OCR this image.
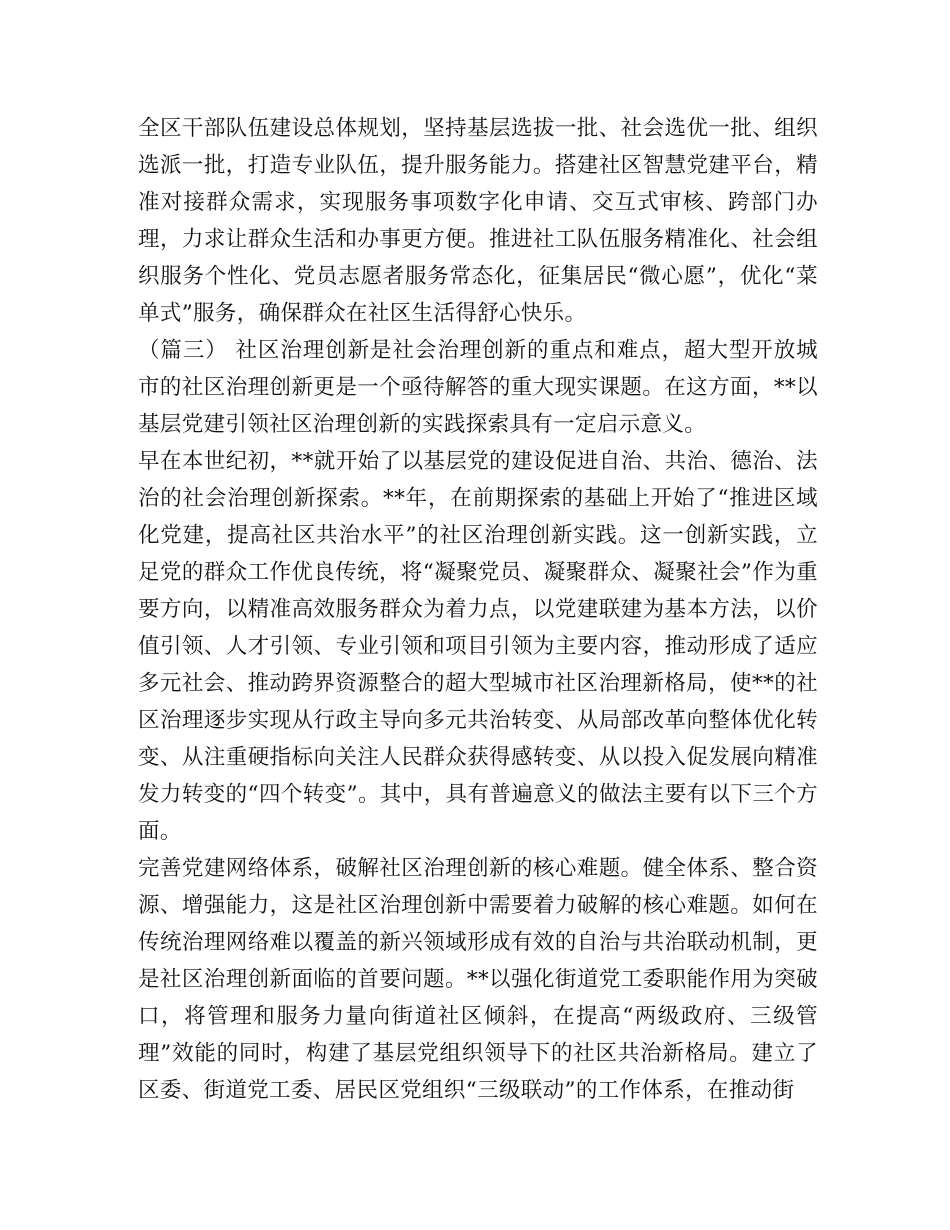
全区干部队伍建设总体规划，坚持基层选拔一批、社会选优一批、组织选派一批，打造专业队伍，提升服务能力。搭建社区智慧党建平台，精准对接群众需求，实现服务事项数字化申请、交互式审核、跨部门办理，力求让群众生活和办事更方便。推进社工队伍服务精准化、社会组织服务个性化、党员志愿者服务常态化，征集居民“微心愿”，优化“菜单式”服务，确保群众在社区生活得舒心快乐。

（篇三） 社区治理创新是社会治理创新的重点和难点，超大型开放城市的社区治理创新更是一个亟待解答的重大现实课题。在这方面，**以基层党建引领社区治理创新的实践探索具有一定启示意义。

早在本世纪初，**就开始了以基层党的建设促进自治、共治、德治、法治的社会治理创新探索。**年，在前期探索的基础上开始了“推进区域化党建，提高社区共治水平”的社区治理创新实践。这一创新实践，立足党的群众工作优良传统，将“凝聚党员、凝聚群众、凝聚社会”作为重要方向，以精准高效服务群众为着力点，以党建联建为基本方法，以价值引领、人才引领、专业引领和项目引领为主要内容，推动形成了适应多元社会、推动跨界资源整合的超大型城市社区治理新格局，使**的社区治理逐步实现从行政主导向多元共治转变、从局部改革向整体优化转变、从注重硬指标向关注人民群众获得感转变、从以投入促发展向精准发力转变的“四个转变”。其中，具有普遍意义的做法主要有以下三个方面。

完善党建网络体系，破解社区治理创新的核心难题。健全体系、整合资源、增强能力，这是社区治理创新中需要着力破解的核心难题。如何在传统治理网络难以覆盖的新兴领域形成有效的自治与共治联动机制，更是社区治理创新面临的首要问题。**以强化街道党工委职能作用为突破口，将管理和服务力量向街道社区倾斜，在提高“两级政府、三级管理”效能的同时，构建了基层党组织领导下的社区共治新格局。建立了区委、街道党工委、居民区党组织“三级联动”的工作体系，在推动街
